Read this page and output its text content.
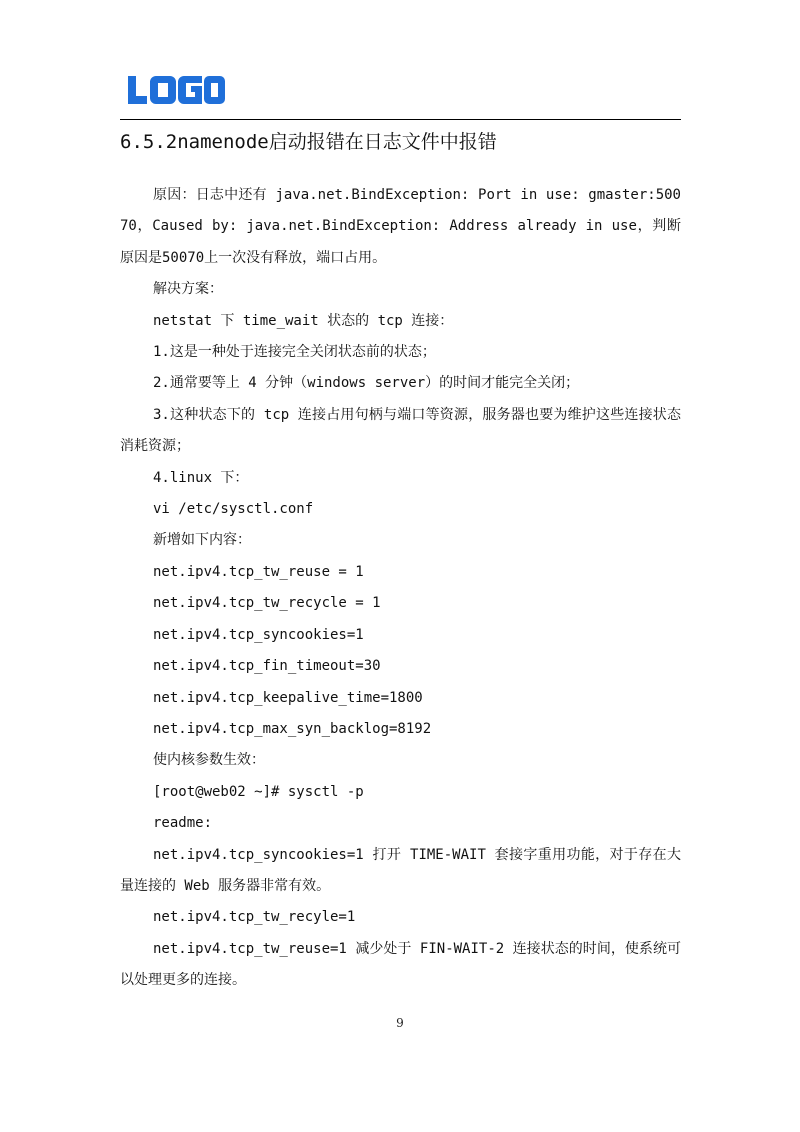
6.5.2namenode启动报错在日志文件中报错

原因：日志中还有 java.net.BindException: Port in use: gmaster:50070，Caused by: java.net.BindException: Address already in use，判断原因是50070上一次没有释放，端口占用。

解决方案：

netstat 下 time_wait 状态的 tcp 连接：

1.这是一种处于连接完全关闭状态前的状态；

2.通常要等上 4 分钟（windows server）的时间才能完全关闭；

3.这种状态下的 tcp 连接占用句柄与端口等资源，服务器也要为维护这些连接状态消耗资源；

4.linux 下：

vi /etc/sysctl.conf

新增如下内容：

net.ipv4.tcp_tw_reuse = 1

net.ipv4.tcp_tw_recycle = 1

net.ipv4.tcp_syncookies=1

net.ipv4.tcp_fin_timeout=30

net.ipv4.tcp_keepalive_time=1800

net.ipv4.tcp_max_syn_backlog=8192

使内核参数生效：

[root@web02 ~]# sysctl -p

readme:

net.ipv4.tcp_syncookies=1 打开 TIME-WAIT 套接字重用功能，对于存在大量连接的 Web 服务器非常有效。

net.ipv4.tcp_tw_recyle=1

net.ipv4.tcp_tw_reuse=1 减少处于 FIN-WAIT-2 连接状态的时间，使系统可以处理更多的连接。

9
